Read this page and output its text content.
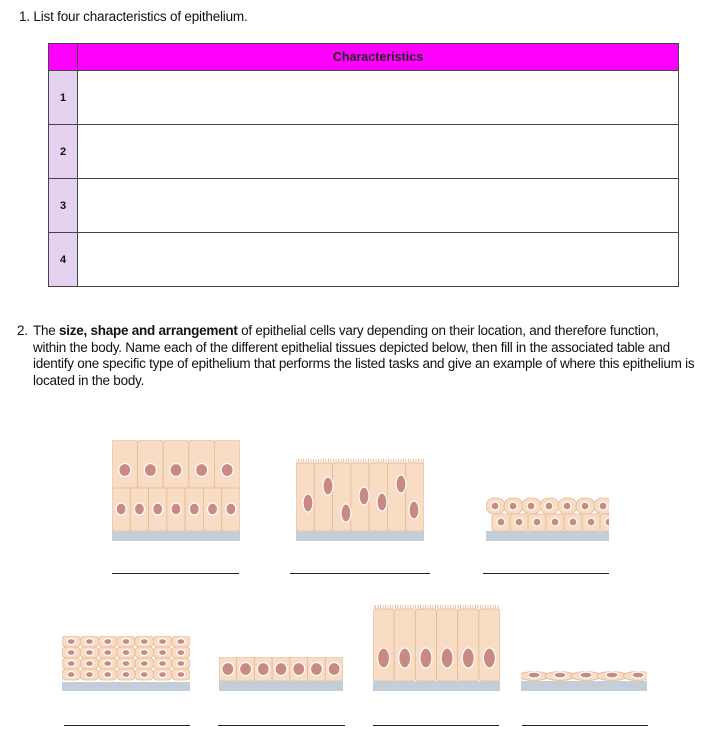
1. List four characteristics of epithelium.
	Characteristics
1	
2	
3	
4	
2. The size, shape and arrangement of epithelial cells vary depending on their location, and therefore function, within the body. Name each of the different epithelial tissues depicted below, then fill in the associated table and identify one specific type of epithelium that performs the listed tasks and give an example of where this epithelium is located in the body.
